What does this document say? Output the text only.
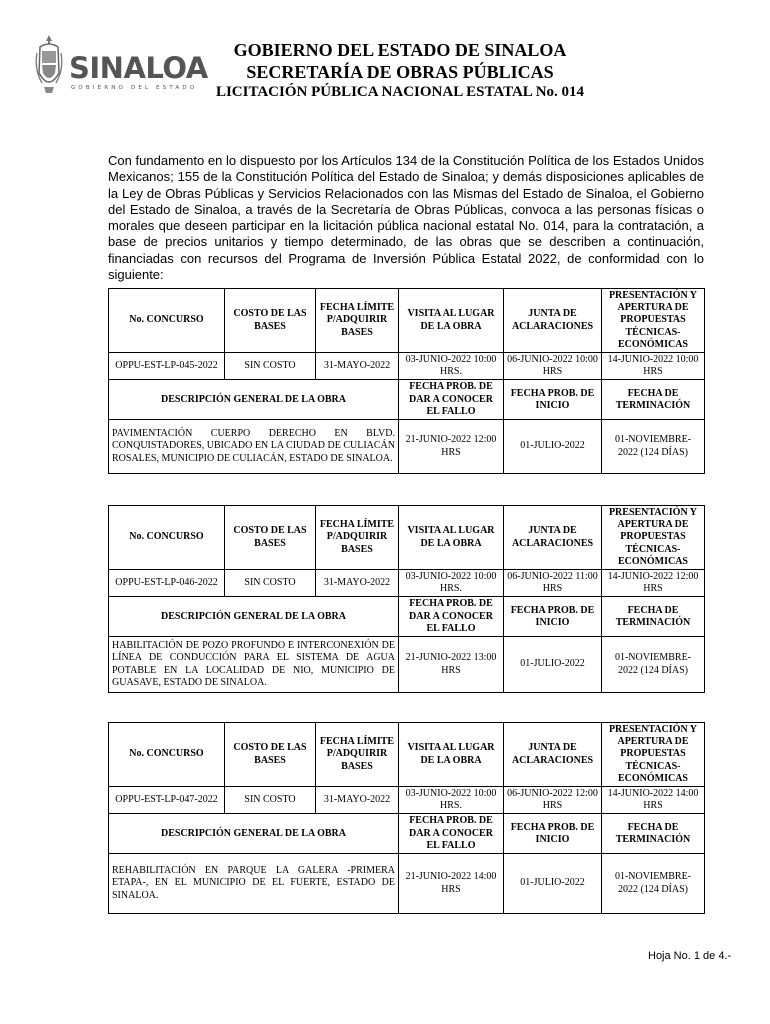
SINALOA
GOBIERNO DEL ESTADO
GOBIERNO DEL ESTADO DE SINALOA
SECRETARÍA DE OBRAS PÚBLICAS
LICITACIÓN PÚBLICA NACIONAL ESTATAL No. 014

Con fundamento en lo dispuesto por los Artículos 134 de la Constitución Política de los Estados Unidos Mexicanos; 155 de la Constitución Política del Estado de Sinaloa; y demás disposiciones aplicables de la Ley de Obras Públicas y Servicios Relacionados con las Mismas del Estado de Sinaloa, el Gobierno del Estado de Sinaloa, a través de la Secretaría de Obras Públicas, convoca a las personas físicas o morales que deseen participar en la licitación pública nacional estatal No. 014, para la contratación, a base de precios unitarios y tiempo determinado, de las obras que se describen a continuación, financiadas con recursos del Programa de Inversión Pública Estatal 2022, de conformidad con lo siguiente:

No. CONCURSO	COSTO DE LAS BASES	FECHA LÍMITE P/ADQUIRIR BASES	VISITA AL LUGAR DE LA OBRA	JUNTA DE ACLARACIONES	PRESENTACIÓN Y APERTURA DE PROPUESTAS TÉCNICAS-ECONÓMICAS
OPPU-EST-LP-045-2022	SIN COSTO	31-MAYO-2022	03-JUNIO-2022 10:00 HRS.	06-JUNIO-2022 10:00 HRS	14-JUNIO-2022 10:00 HRS
DESCRIPCIÓN GENERAL DE LA OBRA			FECHA PROB. DE DAR A CONOCER EL FALLO	FECHA PROB. DE INICIO	FECHA DE TERMINACIÓN
PAVIMENTACIÓN CUERPO DERECHO EN BLVD. CONQUISTADORES, UBICADO EN LA CIUDAD DE CULIACÁN ROSALES, MUNICIPIO DE CULIACÁN, ESTADO DE SINALOA.			21-JUNIO-2022 12:00 HRS	01-JULIO-2022	01-NOVIEMBRE-2022 (124 DÍAS)
No. CONCURSO	COSTO DE LAS BASES	FECHA LÍMITE P/ADQUIRIR BASES	VISITA AL LUGAR DE LA OBRA	JUNTA DE ACLARACIONES	PRESENTACIÓN Y APERTURA DE PROPUESTAS TÉCNICAS-ECONÓMICAS
OPPU-EST-LP-046-2022	SIN COSTO	31-MAYO-2022	03-JUNIO-2022 10:00 HRS.	06-JUNIO-2022 11:00 HRS	14-JUNIO-2022 12:00 HRS
DESCRIPCIÓN GENERAL DE LA OBRA			FECHA PROB. DE DAR A CONOCER EL FALLO	FECHA PROB. DE INICIO	FECHA DE TERMINACIÓN
HABILITACIÓN DE POZO PROFUNDO E INTERCONEXIÓN DE LÍNEA DE CONDUCCIÓN PARA EL SISTEMA DE AGUA POTABLE EN LA LOCALIDAD DE NIO, MUNICIPIO DE GUASAVE, ESTADO DE SINALOA.			21-JUNIO-2022 13:00 HRS	01-JULIO-2022	01-NOVIEMBRE-2022 (124 DÍAS)
No. CONCURSO	COSTO DE LAS BASES	FECHA LÍMITE P/ADQUIRIR BASES	VISITA AL LUGAR DE LA OBRA	JUNTA DE ACLARACIONES	PRESENTACIÓN Y APERTURA DE PROPUESTAS TÉCNICAS-ECONÓMICAS
OPPU-EST-LP-047-2022	SIN COSTO	31-MAYO-2022	03-JUNIO-2022 10:00 HRS.	06-JUNIO-2022 12:00 HRS	14-JUNIO-2022 14:00 HRS
DESCRIPCIÓN GENERAL DE LA OBRA			FECHA PROB. DE DAR A CONOCER EL FALLO	FECHA PROB. DE INICIO	FECHA DE TERMINACIÓN
REHABILITACIÓN EN PARQUE LA GALERA -PRIMERA ETAPA-, EN EL MUNICIPIO DE EL FUERTE, ESTADO DE SINALOA.			21-JUNIO-2022 14:00 HRS	01-JULIO-2022	01-NOVIEMBRE-2022 (124 DÍAS)
Hoja No. 1 de 4.-
